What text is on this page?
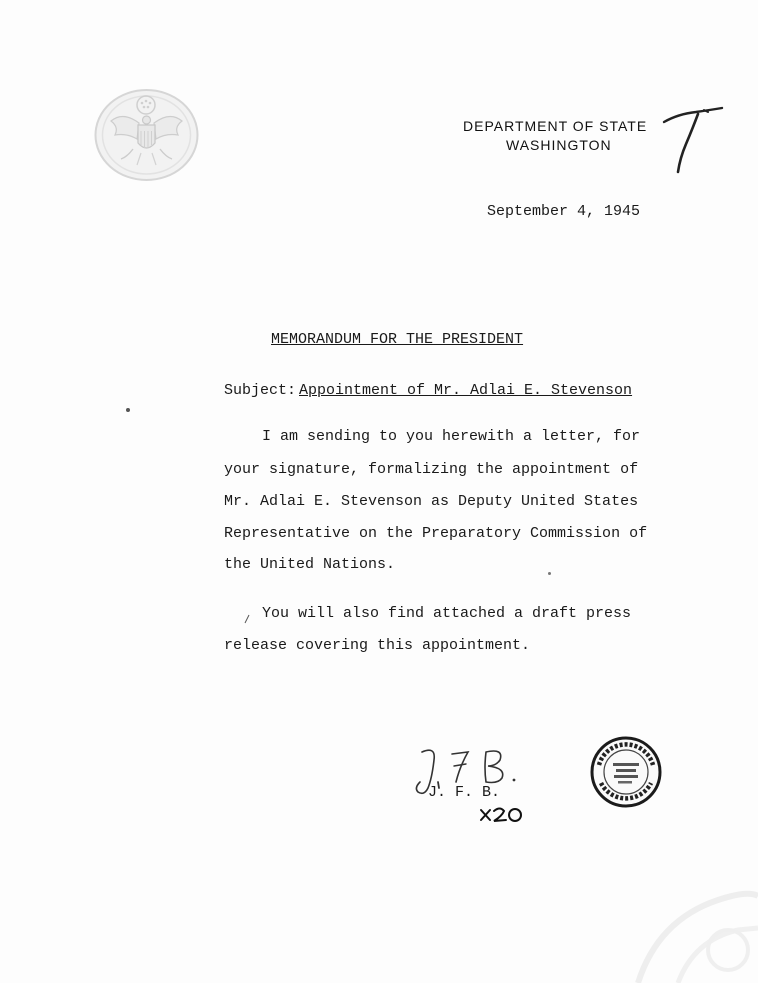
DEPARTMENT OF STATE
WASHINGTON
September 4, 1945
MEMORANDUM FOR THE PRESIDENT
Subject: Appointment of Mr. Adlai E. Stevenson
I am sending to you herewith a letter, for
your signature, formalizing the appointment of
Mr. Adlai E. Stevenson as Deputy United States
Representative on the Preparatory Commission of
the United Nations.
You will also find attached a draft press
release covering this appointment.
J. F. B.
